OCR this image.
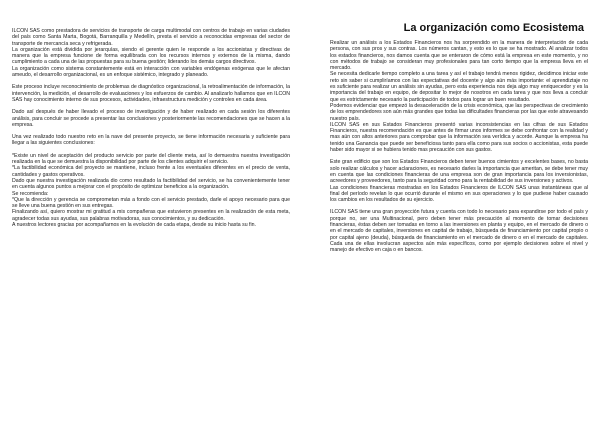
ILCON SAS como prestadora de servicios de transporte de carga multimodal con centros de trabajo en varias ciudades del país como Santa Marta, Bogotá, Barranquilla y Medellín, presta el servicio a reconocidas empresas del sector de transporte de mercancía seca y refrigerada.

La organización está dividida por jerarquías, siendo el gerente quien le responde a los accionistas y directivas de manera que la empresa funcione de forma equilibrada con los recursos internos y externos de la misma, dando cumplimiento a cada una de las propuestas para su buena gestión; liderando los demás cargos directivos.

La organización como sistema constantemente está en interacción con variables endógenas exógenas que le afectan ameudo, el desarrollo organizacional, es un enfoque sistémico, integrado y planeado.

Este proceso incluye reconocimiento de problemas de diagnóstico organizacional, la retroalimentación de información, la intervención, la medición, el desarrollo de evaluaciones y los esfuerzos de cambio. Al analizarlo hallamos que en ILCON SAS hay conocimiento interno de sus procesos, actividades, infraestructura medición y controles en cada área.

Dado así después de haber llevado el proceso de investigación y de haber realizado en cada sesión los diferentes análisis, para concluir se procede a presentar las conclusiones y posteriormente las recomendaciones que se hacen a la empresa.

Una vez realizado todo nuestro reto en la nave del presente proyecto, se tiene información necesaria y suficiente para llegar a las siguientes conclusiones:

*Existe un nivel de aceptación del producto servicio por parte del cliente meta, así lo demuestra nuestra investigación realizada en la que se demuestra la disponibilidad por parte de los clientes adquirir el servicio.

*La factibilidad económica del proyecto se mantiene, incluso frente a los eventuales diferentes en el precio de venta, cantidades y gastos operativos.

Dado que nuestra investigación realizada dio como resultado la factibilidad del servicio, se ha convenientemente tener en cuenta algunos puntos a mejorar con el propósito de optimizar beneficios a la organización.

Se recomienda:

*Que la dirección y gerencia se comprometan más a fondo con el servicio prestado, darle el apoyo necesario para que se lleve una buena gestión en sus entregas.

Finalizando así, quiero mostrar mi gratitud a mis compañeras que estuvieron presentes en la realización de esta meta, agradecer todas sus ayudas, sus palabras motivadoras, sus conocimientos, y su dedicación.

A nuestros lectores gracias por acompañarnos en la evolución de cada etapa, desde su inicio hasta su fin.

La organización como Ecosistema

Realizar un análisis a los Estados Financieros nos ha sorprendido en la manera de interpretación de cada persona, con sus pros y sus contras. Los números cantan, y esto es lo que se ha mostrado. Al analizar todos los estados financieros, nos damos cuenta que se enteraron de cómo está la empresa en este momento, y no con métodos de trabajo se consideran muy profesionales para tan corto tiempo que la empresa lleva en el mercado.

Se necesita dedicarle tiempo completo a una tarea y así el trabajo tendrá menos rigidez, decidimos iniciar este reto sin saber si cumpliríamos con las expectativas del docente y algo aún más importante: el aprendiztaje no es suficiente para realizar un análisis sin ayudas, pero esta experiencia nos deja algo muy enriquecedor y es la importancia del trabajo en equipo, de depositar lo mejor de nosotros en cada tarea y que nos lleva a concluir que es estrictamente necesario la participación de todos para lograr un buen resultado.

Podemos evidenciar que empezó la desaceleración de la crisis económica, que las perspectivas de crecimiento de los emprendedores son aún más grandes que todas las dificultades financieras por las que este atravesando nuestro país.

ILCON SAS en sus Estados Financieros presentó varias inconsistencias en las cifras de sus Estados Financieros, nuestra recomendación es que antes de firmar unos informes se debe confrontar con la realidad y mas aún con altos anteriores para comprobar que la información sea verídica y acorde. Aunque la empresa ha tenido una Ganancia que puede ser beneficiosa tanto para ella como para sus socios o accionistas, esta puede haber sido mayor si se hubiera tenido mas precaución con sus gastos.

Este gran edificio que son los Estados Financieros deben tener buenos cimientos y excelentes bases, no basta solo realizar cálculos y hacer aclaraciones, es necesario darles la importancia que ameritan, se debe tener muy en cuenta que las condiciones financieras de una empresa son de gran importancia para los inversionistas, acreedores y proveedores, tanto para la seguridad como para la rentabilidad de sus inversiones y activos.

Las condiciones financieras mostradas en los Estados Financieros de ILCON SAS unas instantáneas que al final del período revelan lo que ocurrió durante el mismo en sus operaciones y lo que pudiese haber causado los cambios en los resultados de su ejercicio.

ILCON SAS tiene una gran proyección futura y cuenta con todo lo necesario para expandirse por todo el país y porque no, ser una Multinacional, pero deben tener más precaución al momento de tomar decisiones financieras, éstas deben ser tomadas en torno a las inversiones en planta y equipo, en el mercado de dinero o en el mercado de capitales, inversiones en capital de trabajo, búsqueda de financiamiento por capital propio o por capital ajeno (deuda), búsqueda de financiamiento en el mercado de dinero o en el mercado de capitales. Cada una de ellas involucran aspectos aún más específicos, como por ejemplo decisiones sobre el nivel y manejo de efectivo en caja o en bancos.
